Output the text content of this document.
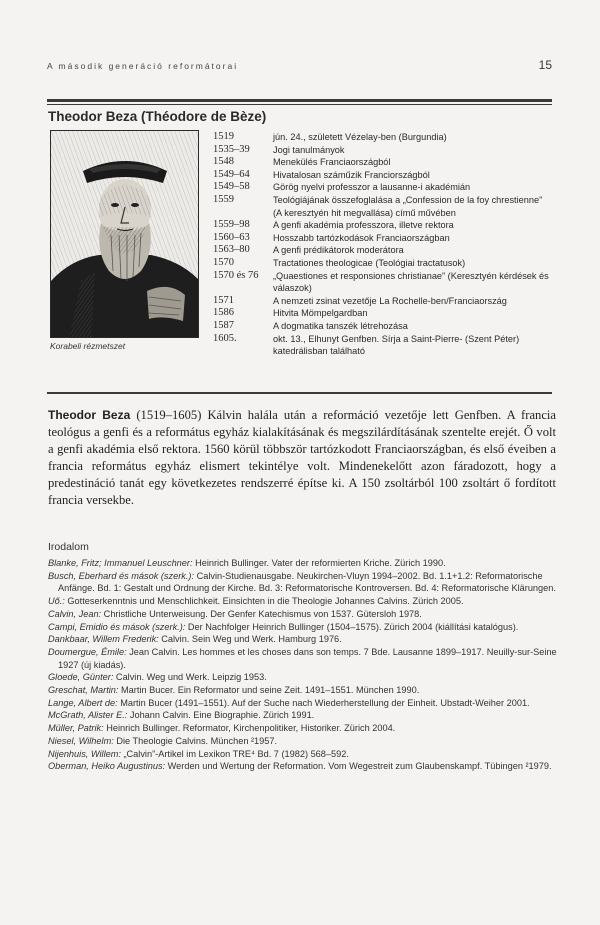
A második generáció reformátorai	15
Theodor Beza (Théodore de Bèze)
Korabeli rézmetszet
1519	jún. 24., született Vézelay-ben (Burgundia)
1535–39	Jogi tanulmányok
1548	Menekülés Franciaországból
1549–64	Hivatalosan száműzik Franciországból
1549–58	Görög nyelvi professzor a lausanne-i akadémián
1559	Teológiájának összefoglalása a „Confession de la foy chrestienne” (A keresztyén hit megvallása) című művében
1559–98	A genfi akadémia professzora, illetve rektora
1560–63	Hosszabb tartózkodások Franciaországban
1563–80	A genfi prédikátorok moderátora
1570	Tractationes theologicae (Teológiai tractatusok)
1570 és 76	„Quaestiones et responsiones christianae” (Keresztyén kérdések és válaszok)
1571	A nemzeti zsinat vezetője La Rochelle-ben/Franciaország
1586	Hitvita Mömpelgardban
1587	A dogmatika tanszék létrehozása
1605.	okt. 13., Elhunyt Genfben. Sírja a Saint-Pierre- (Szent Péter) katedrálisban található

Theodor Beza (1519–1605) Kálvin halála után a reformáció vezetője lett Genfben. A francia teológus a genfi és a református egyház kialakításának és megszilárdításának szentelte erejét. Ő volt a genfi akadémia első rektora. 1560 körül többször tartózkodott Franciaországban, és első éveiben a francia református egyház elismert tekintélye volt. Mindenekelőtt azon fáradozott, hogy a predestináció tanát egy következetes rendszerré építse ki. A 150 zsoltárból 100 zsoltárt ő fordított francia versekbe.

Irodalom
Blanke, Fritz; Immanuel Leuschner: Heinrich Bullinger. Vater der reformierten Kriche. Zürich 1990.
Busch, Eberhard és mások (szerk.): Calvin-Studienausgabe. Neukirchen-Vluyn 1994–2002. Bd. 1.1+1.2: Reformatorische Anfänge. Bd. 1: Gestalt und Ordnung der Kirche. Bd. 3: Reformatorische Kontroversen. Bd. 4: Reformatorische Klärungen.
Uő.: Gotteserkenntnis und Menschlichkeit. Einsichten in die Theologie Johannes Calvins. Zürich 2005.
Calvin, Jean: Christliche Unterweisung. Der Genfer Katechismus von 1537. Gütersloh 1978.
Campi, Emidio és mások (szerk.): Der Nachfolger Heinrich Bullinger (1504–1575). Zürich 2004 (kiállítási katalógus).
Dankbaar, Willem Frederik: Calvin. Sein Weg und Werk. Hamburg 1976.
Doumergue, Émile: Jean Calvin. Les hommes et les choses dans son temps. 7 Bde. Lausanne 1899–1917. Neuilly-sur-Seine 1927 (új kiadás).
Gloede, Günter: Calvin. Weg und Werk. Leipzig 1953.
Greschat, Martin: Martin Bucer. Ein Reformator und seine Zeit. 1491–1551. München 1990.
Lange, Albert de: Martin Bucer (1491–1551). Auf der Suche nach Wiederherstellung der Einheit. Ubstadt-Weiher 2001.
McGrath, Alister E.: Johann Calvin. Eine Biographie. Zürich 1991.
Müller, Patrik: Heinrich Bullinger. Reformator, Kirchenpolitiker, Historiker. Zürich 2004.
Niesel, Wilhelm: Die Theologie Calvins. München ²1957.
Nijenhuis, Willem: „Calvin”-Artikel im Lexikon TRE⁴ Bd. 7 (1982) 568–592.
Oberman, Heiko Augustinus: Werden und Wertung der Reformation. Vom Wegestreit zum Glaubenskampf. Tübingen ²1979.
